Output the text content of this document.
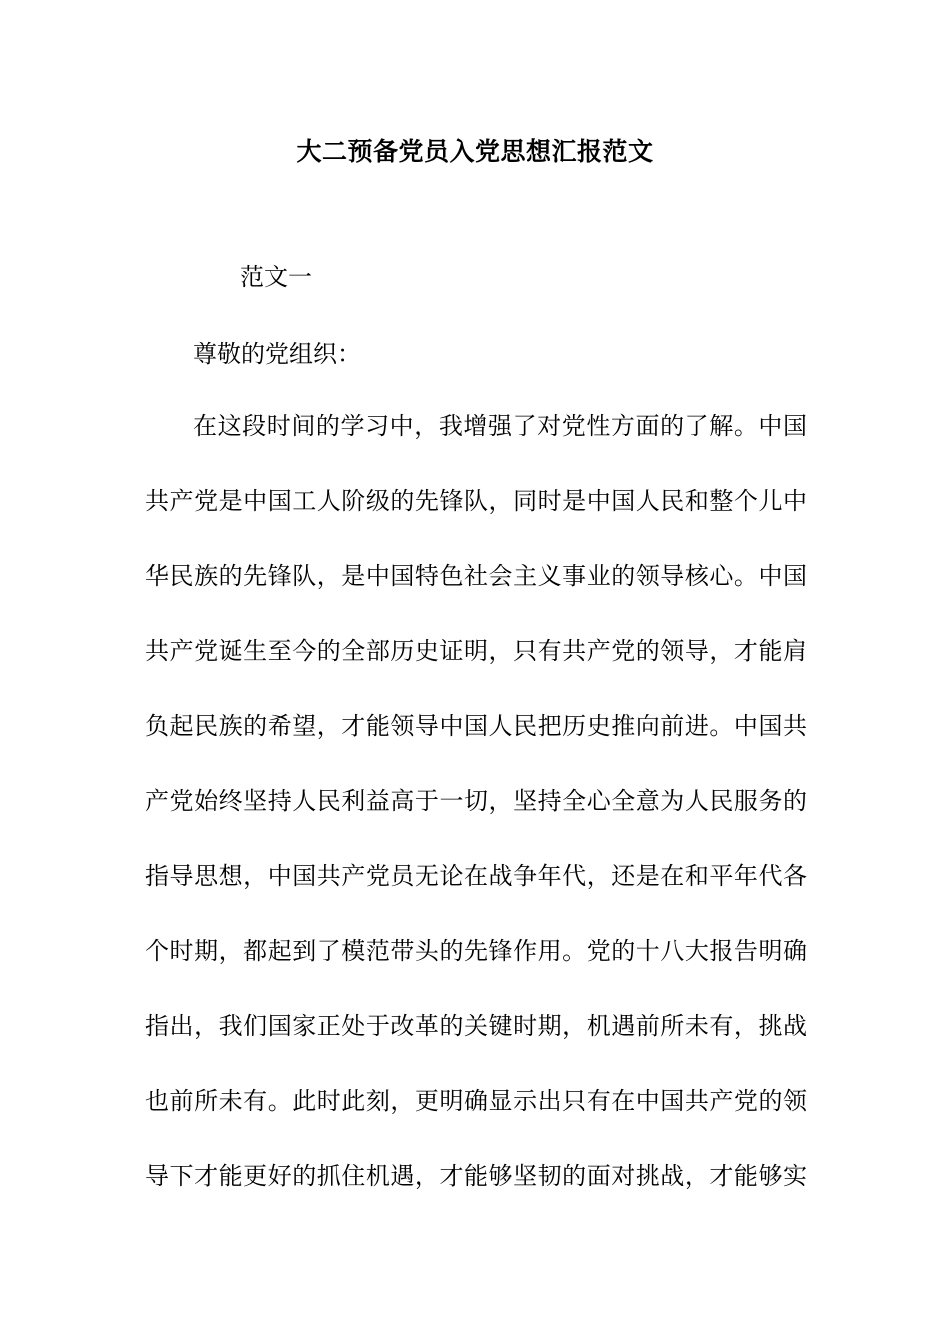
大二预备党员入党思想汇报范文
范文一
尊敬的党组织：
在这段时间的学习中，我增强了对党性方面的了解。中国
共产党是中国工人阶级的先锋队，同时是中国人民和整个儿中
华民族的先锋队，是中国特色社会主义事业的领导核心。中国
共产党诞生至今的全部历史证明，只有共产党的领导，才能肩
负起民族的希望，才能领导中国人民把历史推向前进。中国共
产党始终坚持人民利益高于一切，坚持全心全意为人民服务的
指导思想，中国共产党员无论在战争年代，还是在和平年代各
个时期，都起到了模范带头的先锋作用。党的十八大报告明确
指出，我们国家正处于改革的关键时期，机遇前所未有，挑战
也前所未有。此时此刻，更明确显示出只有在中国共产党的领
导下才能更好的抓住机遇，才能够坚韧的面对挑战，才能够实
